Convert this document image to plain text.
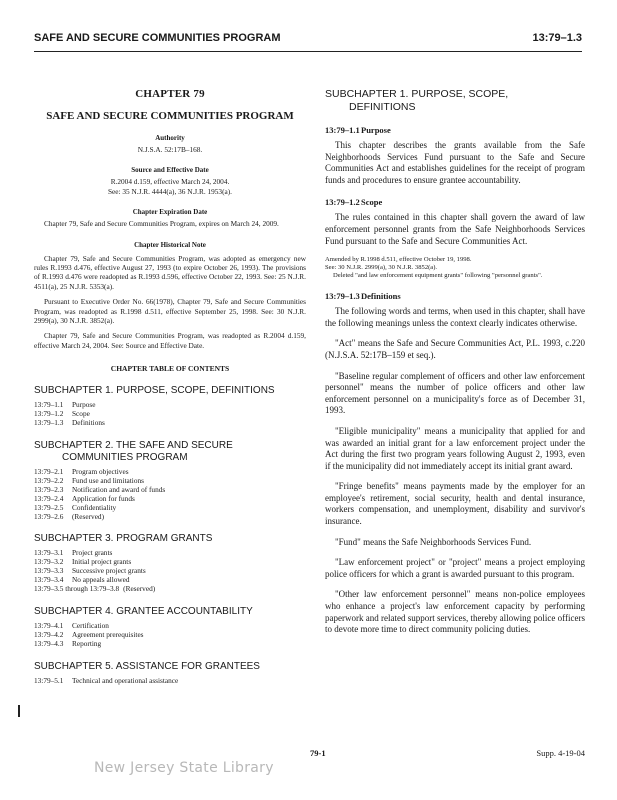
SAFE AND SECURE COMMUNITIES PROGRAM	13:79–1.3
CHAPTER 79
SAFE AND SECURE COMMUNITIES PROGRAM
Authority
N.J.S.A. 52:17B–168.
Source and Effective Date
R.2004 d.159, effective March 24, 2004.
See: 35 N.J.R. 4444(a), 36 N.J.R. 1953(a).
Chapter Expiration Date
Chapter 79, Safe and Secure Communities Program, expires on March 24, 2009.
Chapter Historical Note
Chapter 79, Safe and Secure Communities Program, was adopted as emergency new rules R.1993 d.476, effective August 27, 1993 (to expire October 26, 1993). The provisions of R.1993 d.476 were readopted as R.1993 d.596, effective October 22, 1993. See: 25 N.J.R. 4511(a), 25 N.J.R. 5353(a).
Pursuant to Executive Order No. 66(1978), Chapter 79, Safe and Secure Communities Program, was readopted as R.1998 d.511, effective September 25, 1998. See: 30 N.J.R. 2999(a), 30 N.J.R. 3852(a).
Chapter 79, Safe and Secure Communities Program, was readopted as R.2004 d.159, effective March 24, 2004. See: Source and Effective Date.
CHAPTER TABLE OF CONTENTS
SUBCHAPTER 1. PURPOSE, SCOPE, DEFINITIONS
13:79–1.1 Purpose
13:79–1.2 Scope
13:79–1.3 Definitions
SUBCHAPTER 2. THE SAFE AND SECURE
COMMUNITIES PROGRAM
13:79–2.1 Program objectives
13:79–2.2 Fund use and limitations
13:79–2.3 Notification and award of funds
13:79–2.4 Application for funds
13:79–2.5 Confidentiality
13:79–2.6 (Reserved)
SUBCHAPTER 3. PROGRAM GRANTS
13:79–3.1 Project grants
13:79–3.2 Initial project grants
13:79–3.3 Successive project grants
13:79–3.4 No appeals allowed
13:79–3.5 through 13:79–3.8 (Reserved)
SUBCHAPTER 4. GRANTEE ACCOUNTABILITY
13:79–4.1 Certification
13:79–4.2 Agreement prerequisites
13:79–4.3 Reporting
SUBCHAPTER 5. ASSISTANCE FOR GRANTEES
13:79–5.1 Technical and operational assistance
SUBCHAPTER 1. PURPOSE, SCOPE,
DEFINITIONS
13:79–1.1Purpose
This chapter describes the grants available from the Safe Neighborhoods Services Fund pursuant to the Safe and Secure Communities Act and establishes guidelines for the receipt of program funds and procedures to ensure grantee accountability.
13:79–1.2Scope
The rules contained in this chapter shall govern the award of law enforcement personnel grants from the Safe Neighborhoods Services Fund pursuant to the Safe and Secure Communities Act.
Amended by R.1998 d.511, effective October 19, 1998.
See: 30 N.J.R. 2999(a), 30 N.J.R. 3852(a).
Deleted "and law enforcement equipment grants" following "personnel grants".
13:79–1.3Definitions
The following words and terms, when used in this chapter, shall have the following meanings unless the context clearly indicates otherwise.
"Act" means the Safe and Secure Communities Act, P.L. 1993, c.220 (N.J.S.A. 52:17B–159 et seq.).
"Baseline regular complement of officers and other law enforcement personnel" means the number of police officers and other law enforcement personnel on a municipality's force as of December 31, 1993.
"Eligible municipality" means a municipality that applied for and was awarded an initial grant for a law enforcement project under the Act during the first two program years following August 2, 1993, even if the municipality did not immediately accept its initial grant award.
"Fringe benefits" means payments made by the employer for an employee's retirement, social security, health and dental insurance, workers compensation, and unemployment, disability and survivor's insurance.
"Fund" means the Safe Neighborhoods Services Fund.
"Law enforcement project" or "project" means a project employing police officers for which a grant is awarded pursuant to this program.
"Other law enforcement personnel" means non-police employees who enhance a project's law enforcement capacity by performing paperwork and related support services, thereby allowing police officers to devote more time to direct community policing duties.
79-1	Supp. 4-19-04
New Jersey State Library
